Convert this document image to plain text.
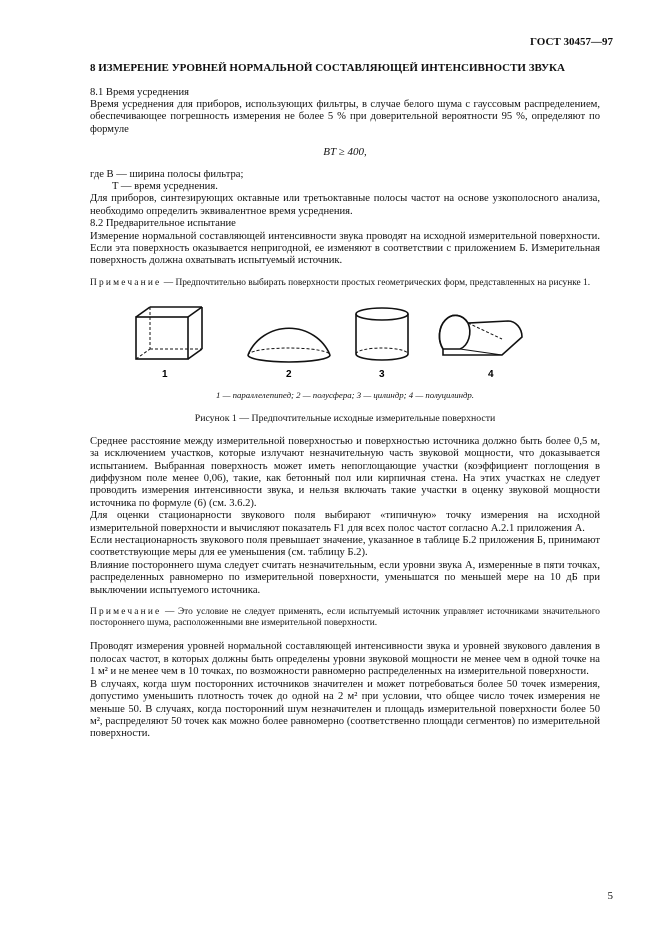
ГОСТ 30457—97
8 ИЗМЕРЕНИЕ УРОВНЕЙ НОРМАЛЬНОЙ СОСТАВЛЯЮЩЕЙ ИНТЕНСИВНОСТИ ЗВУКА

8.1 Время усреднения

Время усреднения для приборов, использующих фильтры, в случае белого шума с гауссовым распределением, обеспечивающее погрешность измерения не более 5 % при доверительной вероятности 95 %, определяют по формуле

BT ≥ 400,

где B — ширина полосы фильтра;

T — время усреднения.

Для приборов, синтезирующих октавные или третьоктавные полосы частот на основе узкополосного анализа, необходимо определить эквивалентное время усреднения.

8.2 Предварительное испытание

Измерение нормальной составляющей интенсивности звука проводят на исходной измерительной поверхности. Если эта поверхность оказывается непригодной, ее изменяют в соответствии с приложением Б. Измерительная поверхность должна охватывать испытуемый источник.

Примечание — Предпочтительно выбирать поверхности простых геометрических форм, представленных на рисунке 1.

1	2	3	4
1 — параллелепипед; 2 — полусфера; 3 — цилиндр; 4 — полуцилиндр.
Рисунок 1 — Предпочтительные исходные измерительные поверхности

Среднее расстояние между измерительной поверхностью и поверхностью источника должно быть более 0,5 м, за исключением участков, которые излучают незначительную часть звуковой мощности, что доказывается испытанием. Выбранная поверхность может иметь непоглощающие участки (коэффициент поглощения в диффузном поле менее 0,06), такие, как бетонный пол или кирпичная стена. На этих участках не следует проводить измерения интенсивности звука, и нельзя включать такие участки в оценку звуковой мощности источника по формуле (6) (см. 3.6.2).

Для оценки стационарности звукового поля выбирают «типичную» точку измерения на исходной измерительной поверхности и вычисляют показатель F1 для всех полос частот согласно А.2.1 приложения А.

Если нестационарность звукового поля превышает значение, указанное в таблице Б.2 приложения Б, принимают соответствующие меры для ее уменьшения (см. таблицу Б.2).

Влияние постороннего шума следует считать незначительным, если уровни звука А, измеренные в пяти точках, распределенных равномерно по измерительной поверхности, уменьшатся по меньшей мере на 10 дБ при выключении испытуемого источника.

Примечание — Это условие не следует применять, если испытуемый источник управляет источниками значительного постороннего шума, расположенными вне измерительной поверхности.

Проводят измерения уровней нормальной составляющей интенсивности звука и уровней звукового давления в полосах частот, в которых должны быть определены уровни звуковой мощности не менее чем в одной точке на 1 м² и не менее чем в 10 точках, по возможности равномерно распределенных на измерительной поверхности.

В случаях, когда шум посторонних источников значителен и может потребоваться более 50 точек измерения, допустимо уменьшить плотность точек до одной на 2 м² при условии, что общее число точек измерения не меньше 50. В случаях, когда посторонний шум незначителен и площадь измерительной поверхности более 50 м², распределяют 50 точек как можно более равномерно (соответственно площади сегментов) по измерительной поверхности.

5
